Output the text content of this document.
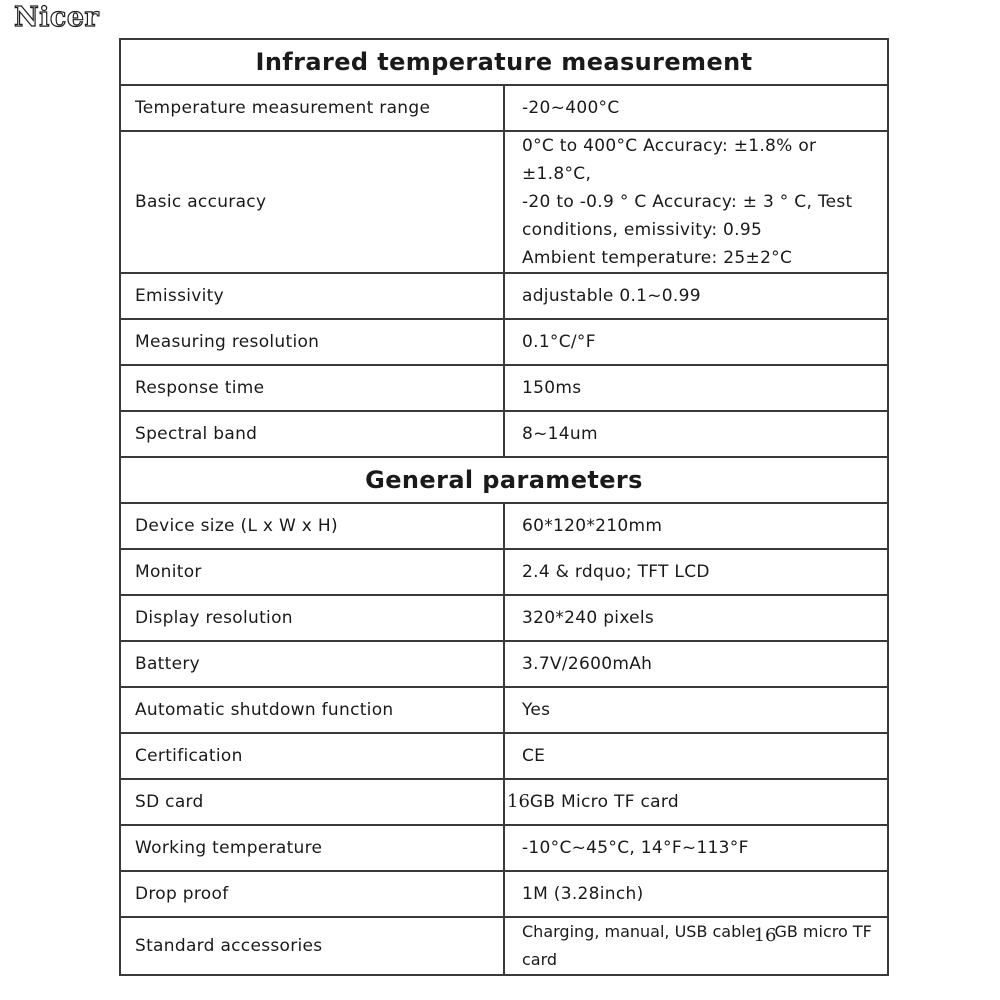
Nicer
Infrared temperature measurement	
Temperature measurement range	-20~400°C
Basic accuracy	0°C to 400°C Accuracy: ±1.8% or ±1.8°C,
-20 to -0.9 ° C Accuracy: ± 3 ° C, Test
conditions, emissivity: 0.95
Ambient temperature: 25±2°C

Emissivity	adjustable 0.1~0.99
Measuring resolution	0.1°C/°F
Response time	150ms
Spectral band	8~14um
General parameters	
Device size (L x W x H)	60*120*210mm
Monitor	2.4 & rdquo; TFT LCD
Display resolution	320*240 pixels
Battery	3.7V/2600mAh
Automatic shutdown function	Yes
Certification	CE
SD card	16GB Micro TF card
Working temperature	-10°C~45°C, 14°F~113°F
Drop proof	1M (3.28inch)
Standard accessories	Charging, manual, USB cable16GB micro TF card
